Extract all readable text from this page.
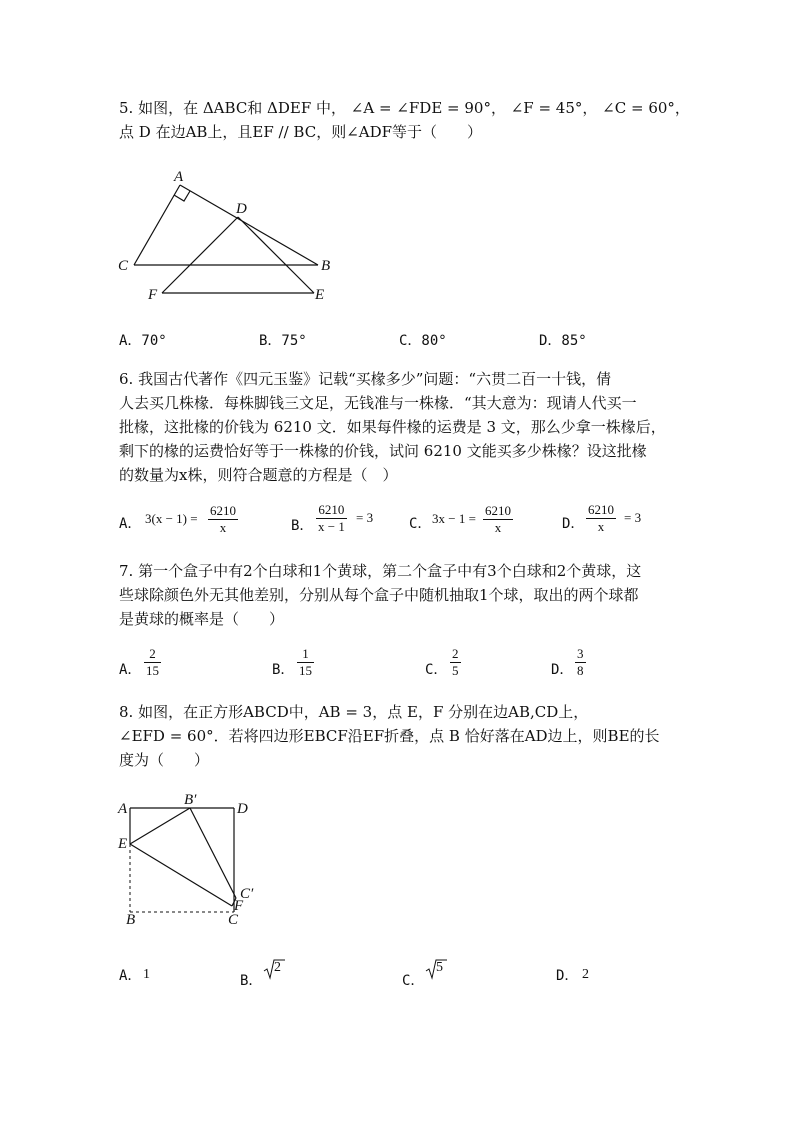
5. 如图，在 ΔABC和 ΔDEF 中， ∠A = ∠FDE = 90°， ∠F = 45°， ∠C = 60°，
点 D 在边AB上，且EF // BC，则∠ADF等于（　　）
A
D
C	B
F	E
A．70°	B．75°	C．80°	D．85°
6. 我国古代著作《四元玉鉴》记载“买椽多少”问题：“六贯二百一十钱，倩
人去买几株椽．每株脚钱三文足，无钱准与一株椽．“其大意为：现请人代买一
批椽，这批椽的价钱为 6210 文．如果每件椽的运费是 3 文，那么少拿一株椽后，
剩下的椽的运费恰好等于一株椽的价钱，试问 6210 文能买多少株椽？设这批椽
的数量为x株，则符合题意的方程是（　）
A． $3(x - 1) = \frac{6210}{x}$	B． $\frac{6210}{x - 1} = 3$	C． $3x - 1 = \frac{6210}{x}$	D． $\frac{6210}{x} = 3$
7. 第一个盒子中有2个白球和1个黄球，第二个盒子中有3个白球和2个黄球，这
些球除颜色外无其他差别，分别从每个盒子中随机抽取1个球，取出的两个球都
是黄球的概率是（　　）
A． $\frac{2}{15}$	B． $\frac{1}{15}$	C． $\frac{2}{5}$	D． $\frac{3}{8}$
8. 如图，在正方形ABCD中，AB = 3，点 E，F 分别在边AB,CD上，
∠EFD = 60°．若将四边形EBCF沿EF折叠，点 B 恰好落在AD边上，则BE的长
度为（　　）
A
B′
D
E
C′
F
B	C
A． 1	B．
2
C．
5
D． 2
